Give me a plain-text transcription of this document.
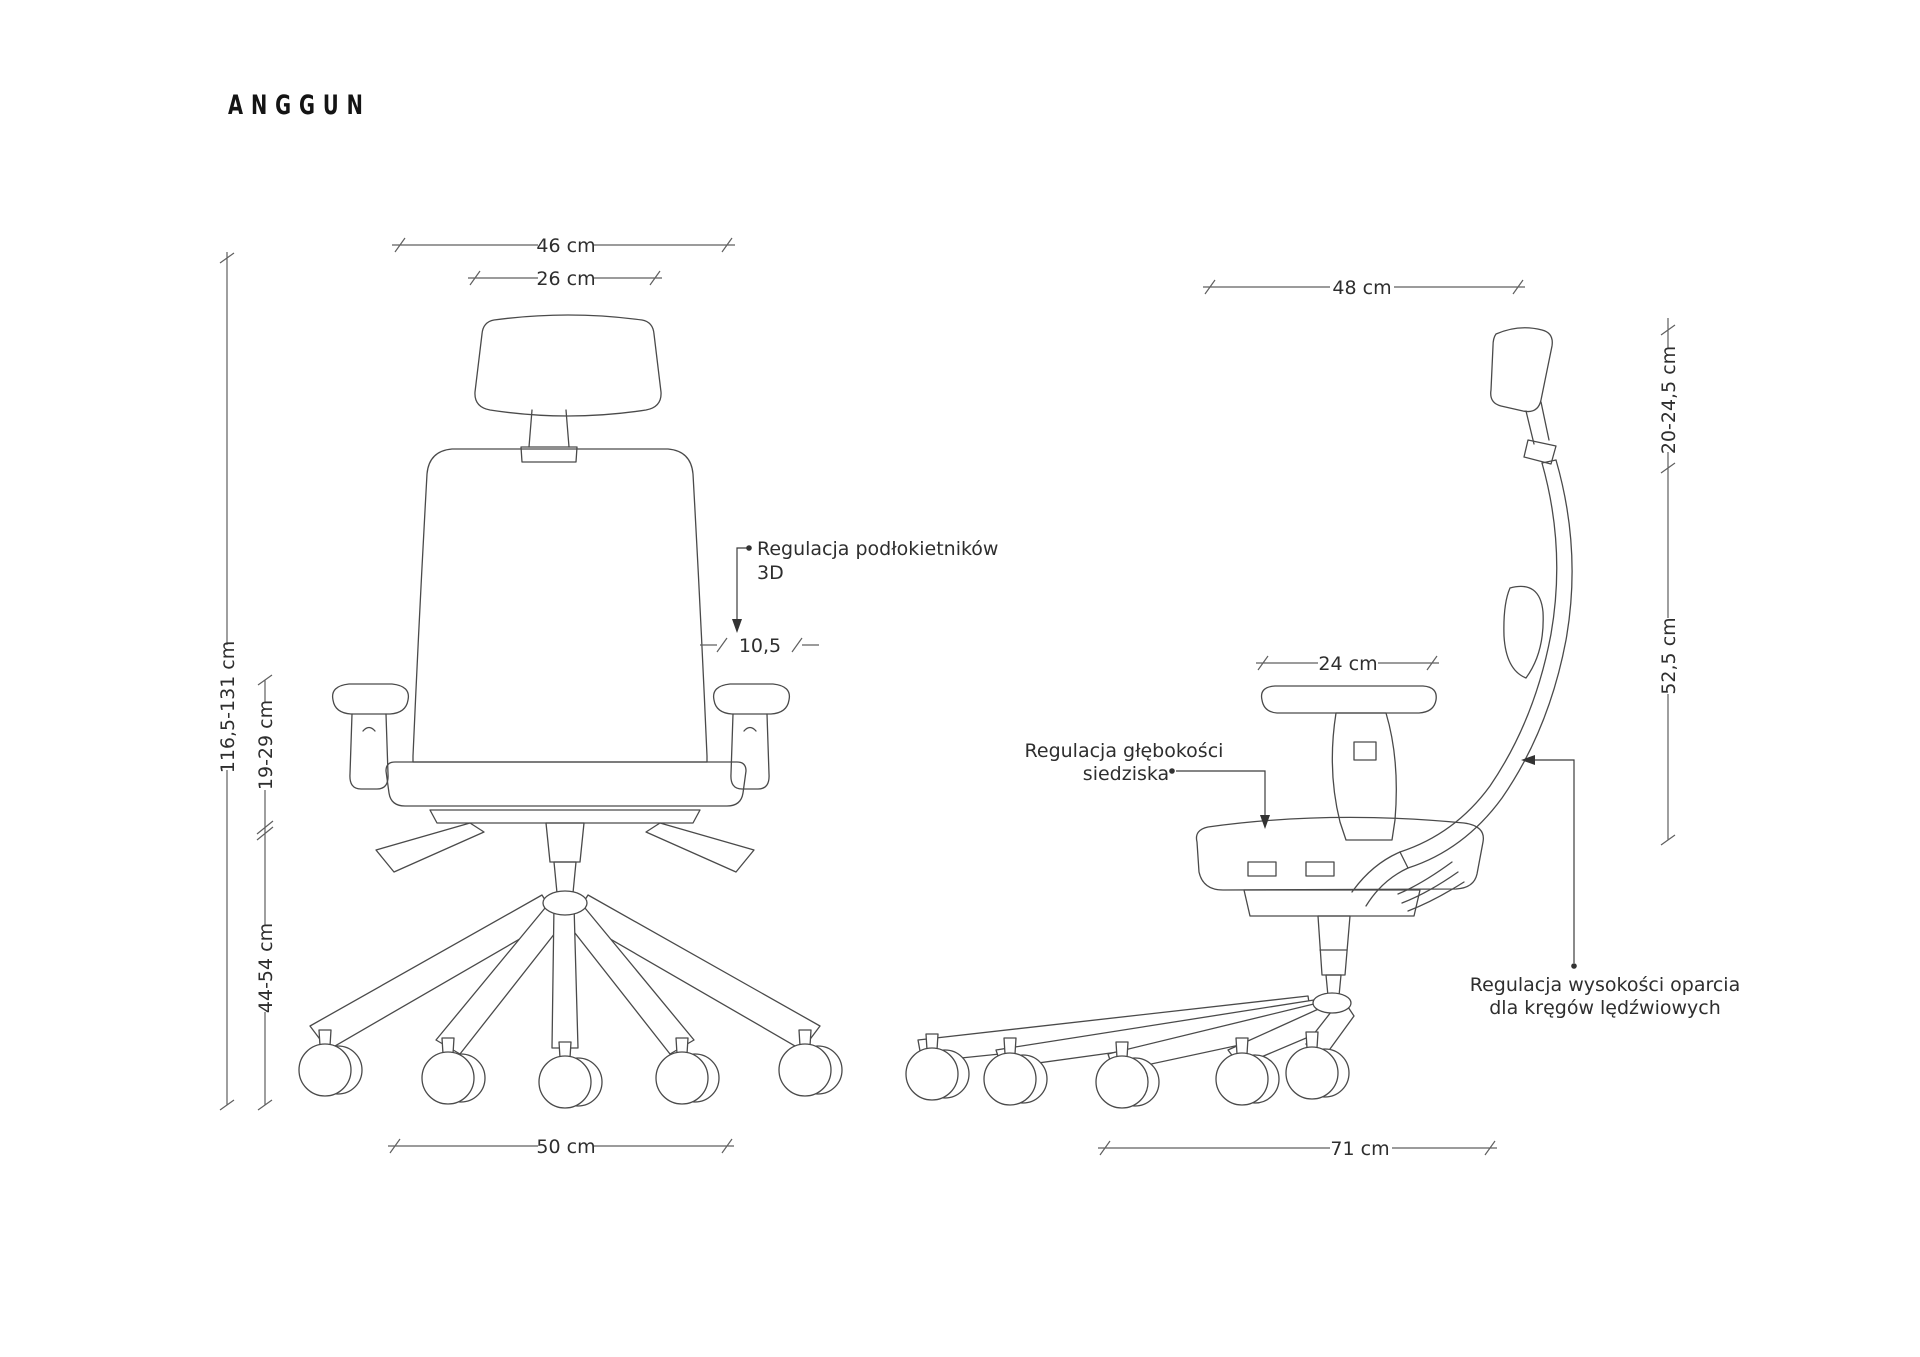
ANGGUN
46 cm
26 cm
116,5-131 cm 19-29 cm
44-54 cm
10,5
50 cm
Regulacja podłokietników
3D
48 cm
20-24,5 cm
52,5 cm
24 cm
71 cm
Regulacja głębokości
siedziska
Regulacja wysokości oparcia
dla kręgów lędźwiowych
